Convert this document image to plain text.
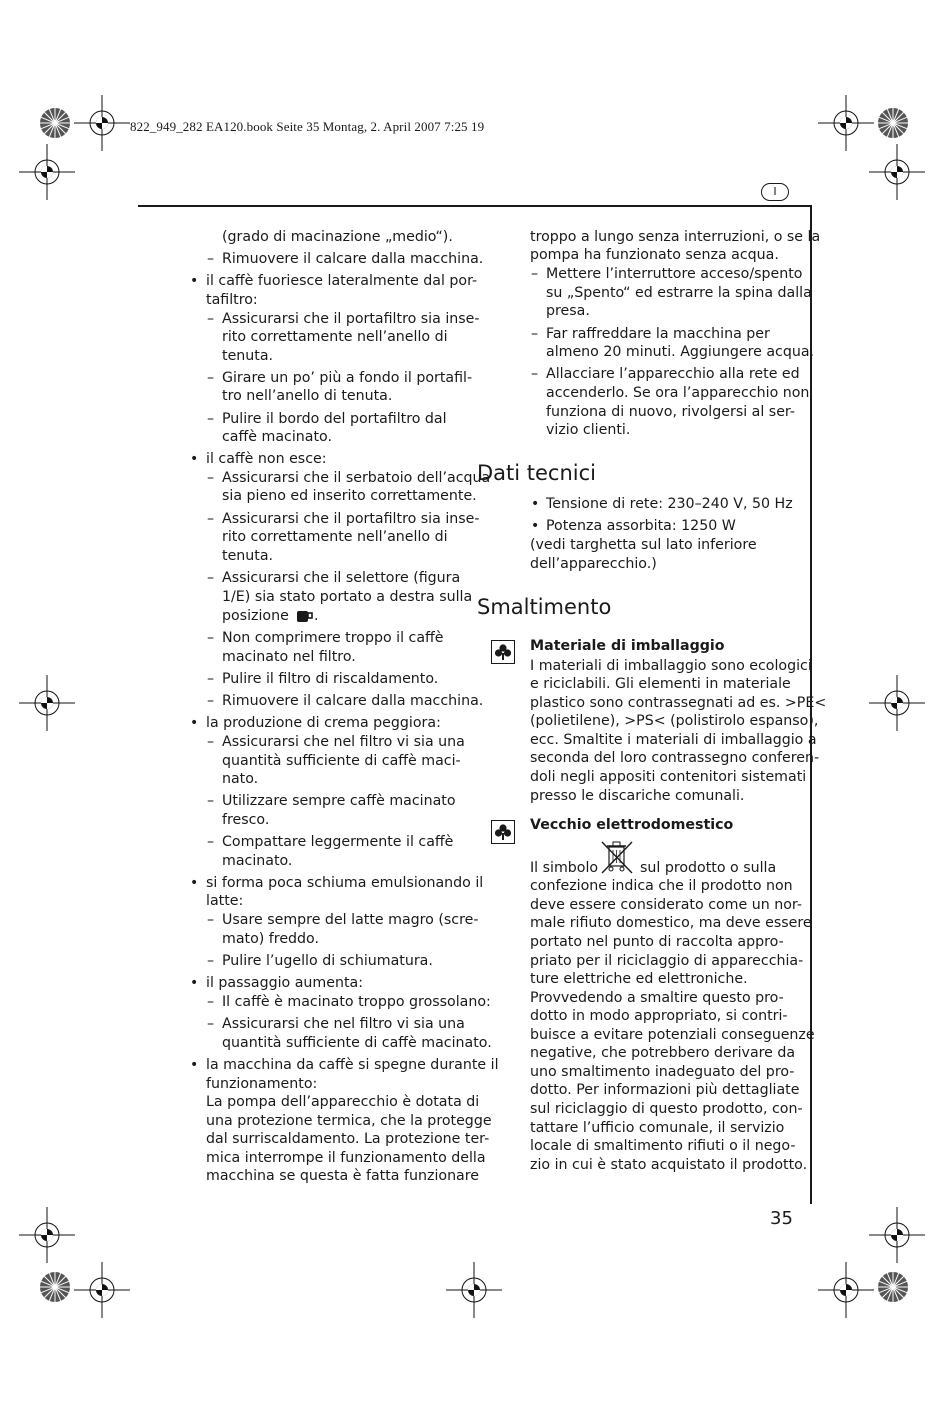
822_949_282 EA120.book Seite 35 Montag, 2. April 2007 7:25 19
I
(grado di macinazione „medio“).
– Rimuovere il calcare dalla macchina.
• il caffè fuoriesce lateralmente dal por-
tafiltro:
– Assicurarsi che il portafiltro sia inse-
rito correttamente nell’anello di
tenuta.
– Girare un po’ più a fondo il portafil-
tro nell’anello di tenuta.
– Pulire il bordo del portafiltro dal
caffè macinato.
• il caffè non esce:
– Assicurarsi che il serbatoio dell’acqua
sia pieno ed inserito correttamente.
– Assicurarsi che il portafiltro sia inse-
rito correttamente nell’anello di
tenuta.
– Assicurarsi che il selettore (figura
1/E) sia stato portato a destra sulla
posizione .
– Non comprimere troppo il caffè
macinato nel filtro.
– Pulire il filtro di riscaldamento.
– Rimuovere il calcare dalla macchina.
• la produzione di crema peggiora:
– Assicurarsi che nel filtro vi sia una
quantità sufficiente di caffè maci-
nato.
– Utilizzare sempre caffè macinato
fresco.
– Compattare leggermente il caffè
macinato.
• si forma poca schiuma emulsionando il
latte:
– Usare sempre del latte magro (scre-
mato) freddo.
– Pulire l’ugello di schiumatura.
• il passaggio aumenta:
– Il caffè è macinato troppo grossolano:
– Assicurarsi che nel filtro vi sia una
quantità sufficiente di caffè macinato.
• la macchina da caffè si spegne durante il
funzionamento:
La pompa dell’apparecchio è dotata di
una protezione termica, che la protegge
dal surriscaldamento. La protezione ter-
mica interrompe il funzionamento della
macchina se questa è fatta funzionare
troppo a lungo senza interruzioni, o se la
pompa ha funzionato senza acqua.
– Mettere l’interruttore acceso/spento
su „Spento“ ed estrarre la spina dalla
presa.
– Far raffreddare la macchina per
almeno 20 minuti. Aggiungere acqua.
– Allacciare l’apparecchio alla rete ed
accenderlo. Se ora l’apparecchio non
funziona di nuovo, rivolgersi al ser-
vizio clienti.
Dati tecnici
• Tensione di rete: 230–240 V, 50 Hz
• Potenza assorbita: 1250 W
(vedi targhetta sul lato inferiore
dell’apparecchio.)
Smaltimento
Materiale di imballaggio
I materiali di imballaggio sono ecologici
e riciclabili. Gli elementi in materiale
plastico sono contrassegnati ad es. >PE<
(polietilene), >PS< (polistirolo espanso),
ecc. Smaltite i materiali di imballaggio a
seconda del loro contrassegno conferen-
doli negli appositi contenitori sistemati
presso le discariche comunali.
Vecchio elettrodomestico
Il simbolo	sul prodotto o sulla
confezione indica che il prodotto non
deve essere considerato come un nor-
male rifiuto domestico, ma deve essere
portato nel punto di raccolta appro-
priato per il riciclaggio di apparecchia-
ture elettriche ed elettroniche.
Provvedendo a smaltire questo pro-
dotto in modo appropriato, si contri-
buisce a evitare potenziali conseguenze
negative, che potrebbero derivare da
uno smaltimento inadeguato del pro-
dotto. Per informazioni più dettagliate
sul riciclaggio di questo prodotto, con-
tattare l’ufficio comunale, il servizio
locale di smaltimento rifiuti o il nego-
zio in cui è stato acquistato il prodotto.
35
